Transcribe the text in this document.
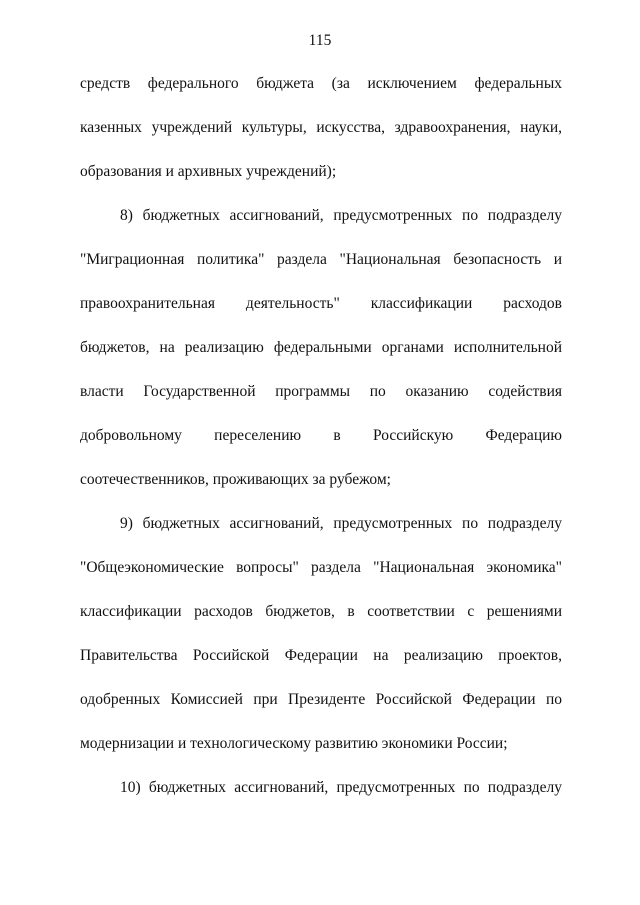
115
средств федерального бюджета (за исключением федеральных
казенных учреждений культуры, искусства, здравоохранения, науки,
образования и архивных учреждений);
8) бюджетных ассигнований, предусмотренных по подразделу
"Миграционная политика" раздела "Национальная безопасность и
правоохранительная деятельность" классификации расходов
бюджетов, на реализацию федеральными органами исполнительной
власти Государственной программы по оказанию содействия
добровольному переселению в Российскую Федерацию
соотечественников, проживающих за рубежом;
9) бюджетных ассигнований, предусмотренных по подразделу
"Общеэкономические вопросы" раздела "Национальная экономика"
классификации расходов бюджетов, в соответствии с решениями
Правительства Российской Федерации на реализацию проектов,
одобренных Комиссией при Президенте Российской Федерации по
модернизации и технологическому развитию экономики России;
10) бюджетных ассигнований, предусмотренных по подразделу
